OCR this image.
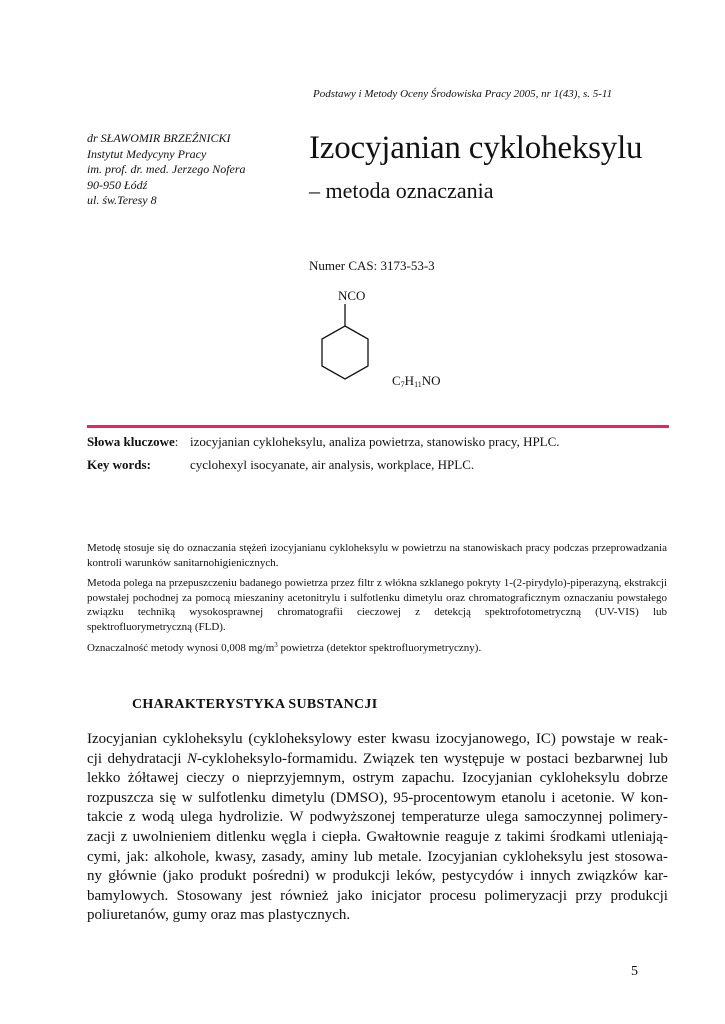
Podstawy i Metody Oceny Środowiska Pracy 2005, nr 1(43), s. 5-11
dr SŁAWOMIR BRZEŹNICKI
Instytut Medycyny Pracy
im. prof. dr. med. Jerzego Nofera
90-950 Łódź
ul. św.Teresy 8
Izocyjanian cykloheksylu
– metoda oznaczania
Numer CAS: 3173-53-3
NCO
$C_7H_{11}NO$
Słowa kluczowe: izocyjanian cykloheksylu, analiza powietrza, stanowisko pracy, HPLC.
Key words:	cyclohexyl isocyanate, air analysis, workplace, HPLC.

Metodę stosuje się do oznaczania stężeń izocyjanianu cykloheksylu w powietrzu na stanowiskach pracy podczas przeprowadzania kontroli warunków sanitarnohigienicznych.

Metoda polega na przepuszczeniu badanego powietrza przez filtr z włókna szklanego pokryty 1-(2-pirydylo)-piperazyną, ekstrakcji powstałej pochodnej za pomocą mieszaniny acetonitrylu i sulfotlenku dimetylu oraz chromatograficznym oznaczaniu powstałego związku techniką wysokosprawnej chromatografii cieczowej z detekcją spektrofotometryczną (UV-VIS) lub spektrofluorymetryczną (FLD).

Oznaczalność metody wynosi 0,008 $mg/m^3$ powietrza (detektor spektrofluorymetryczny).

CHARAKTERYSTYKA SUBSTANCJI
Izocyjanian cykloheksylu (cykloheksylowy ester kwasu izocyjanowego, IC) powstaje w reak-
cji dehydratacji N-cykloheksylo-formamidu. Związek ten występuje w postaci bezbarwnej lub
lekko żółtawej cieczy o nieprzyjemnym, ostrym zapachu. Izocyjanian cykloheksylu dobrze
rozpuszcza się w sulfotlenku dimetylu (DMSO), 95-procentowym etanolu i acetonie. W kon-
takcie z wodą ulega hydrolizie. W podwyższonej temperaturze ulega samoczynnej polimery-
zacji z uwolnieniem ditlenku węgla i ciepła. Gwałtownie reaguje z takimi środkami utleniają-
cymi, jak: alkohole, kwasy, zasady, aminy lub metale. Izocyjanian cykloheksylu jest stosowa-
ny głównie (jako produkt pośredni) w produkcji leków, pestycydów i innych związków kar-
bamylowych. Stosowany jest również jako inicjator procesu polimeryzacji przy produkcji
poliuretanów, gumy oraz mas plastycznych.
5
